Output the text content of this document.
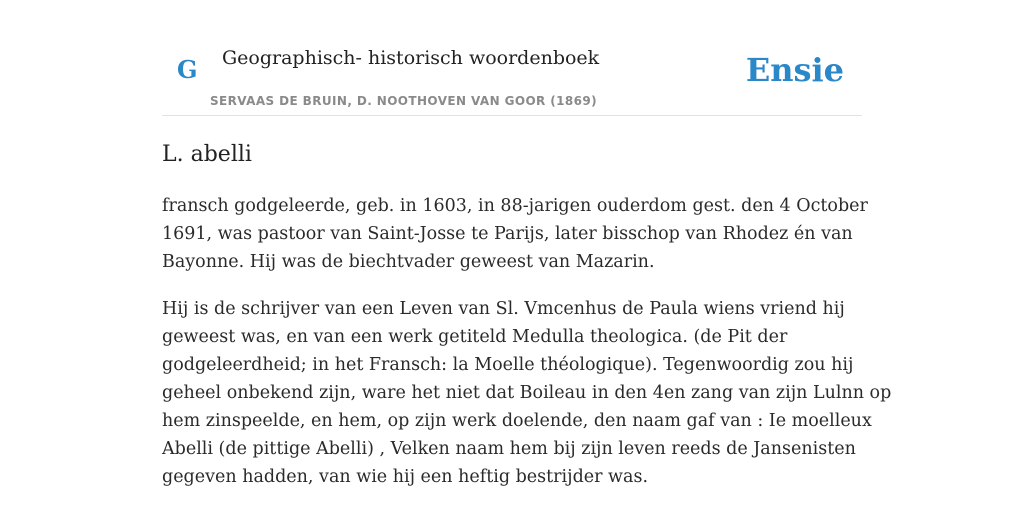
G Geographisch- historisch woordenboek
SERVAAS DE BRUIN, D. NOOTHOVEN VAN GOOR (1869)
Ensie
L. abelli

fransch godgeleerde, geb. in 1603, in 88-jarigen ouderdom gest. den 4 October
1691, was pastoor van Saint-Josse te Parijs, later bisschop van Rhodez én van
Bayonne. Hij was de biechtvader geweest van Mazarin.

Hij is de schrijver van een Leven van Sl. Vmcenhus de Paula wiens vriend hij
geweest was, en van een werk getiteld Medulla theologica. (de Pit der
godgeleerdheid; in het Fransch: la Moelle théologique). Tegenwoordig zou hij
geheel onbekend zijn, ware het niet dat Boileau in den 4en zang van zijn Lulnn op
hem zinspeelde, en hem, op zijn werk doelende, den naam gaf van : Ie moelleux
Abelli (de pittige Abelli) , Velken naam hem bij zijn leven reeds de Jansenisten
gegeven hadden, van wie hij een heftig bestrijder was.
